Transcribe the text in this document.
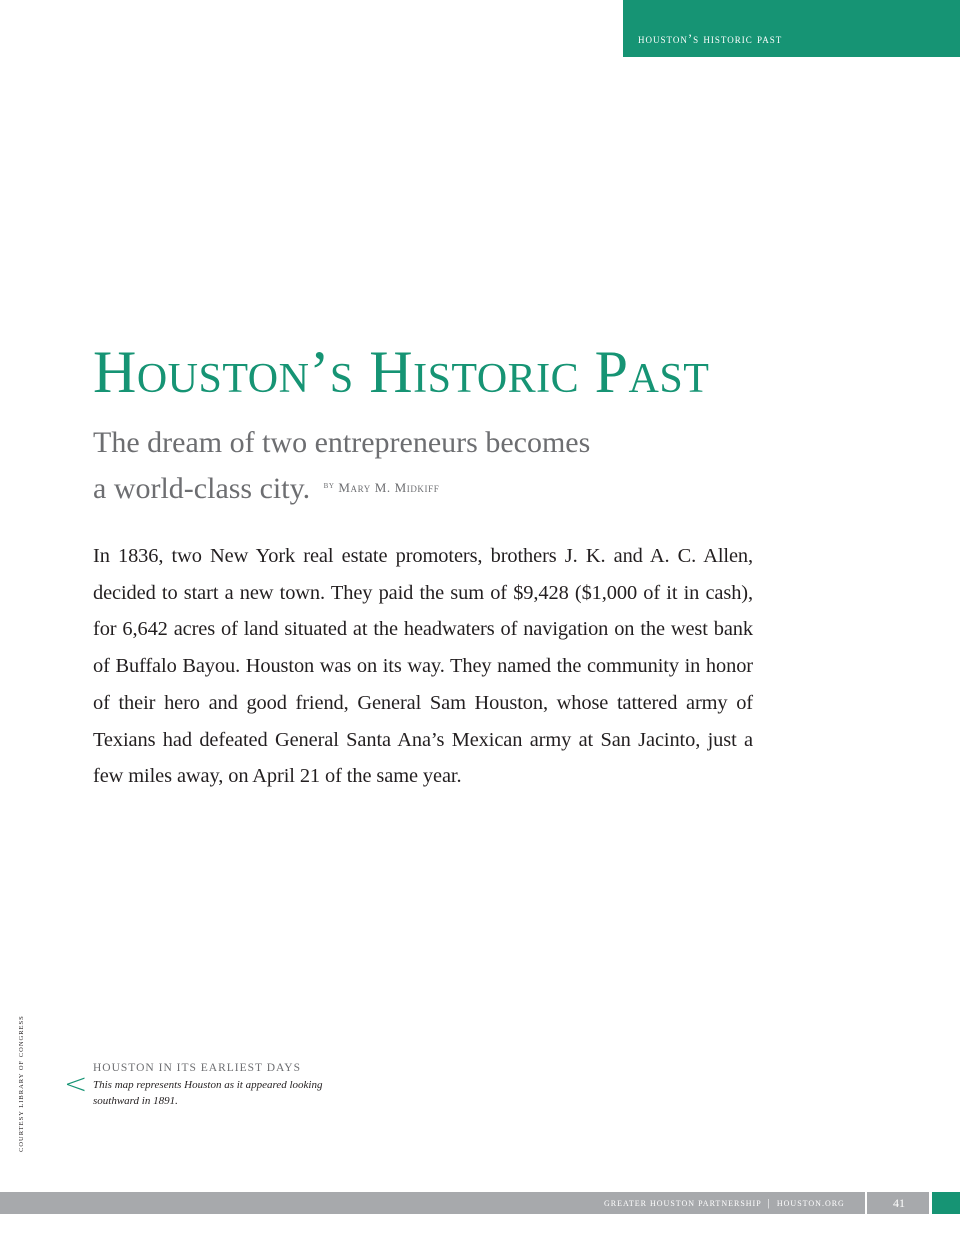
houston’s historic past
Houston’s Historic Past
The dream of two entrepreneurs becomes
a world-class city. $^{BY}$ Mary M. Midkiff

In 1836, two New York real estate promoters, brothers J. K. and A. C. Allen, decided to start a new town. They paid the sum of $9,428 ($1,000 of it in cash), for 6,642 acres of land situated at the headwaters of navigation on the west bank of Buffalo Bayou. Houston was on its way. They named the community in honor of their hero and good friend, General Sam Houston, whose tattered army of Texians had defeated General Santa Ana’s Mexican army at San Jacinto, just a few miles away, on April 21 of the same year.

COURTESY LIBRARY OF CONGRESS < HOUSTON IN ITS EARLIEST DAYS
This map represents Houston as it appeared looking southward in 1891.
GREATER HOUSTON PARTNERSHIP | HOUSTON.ORG	41
